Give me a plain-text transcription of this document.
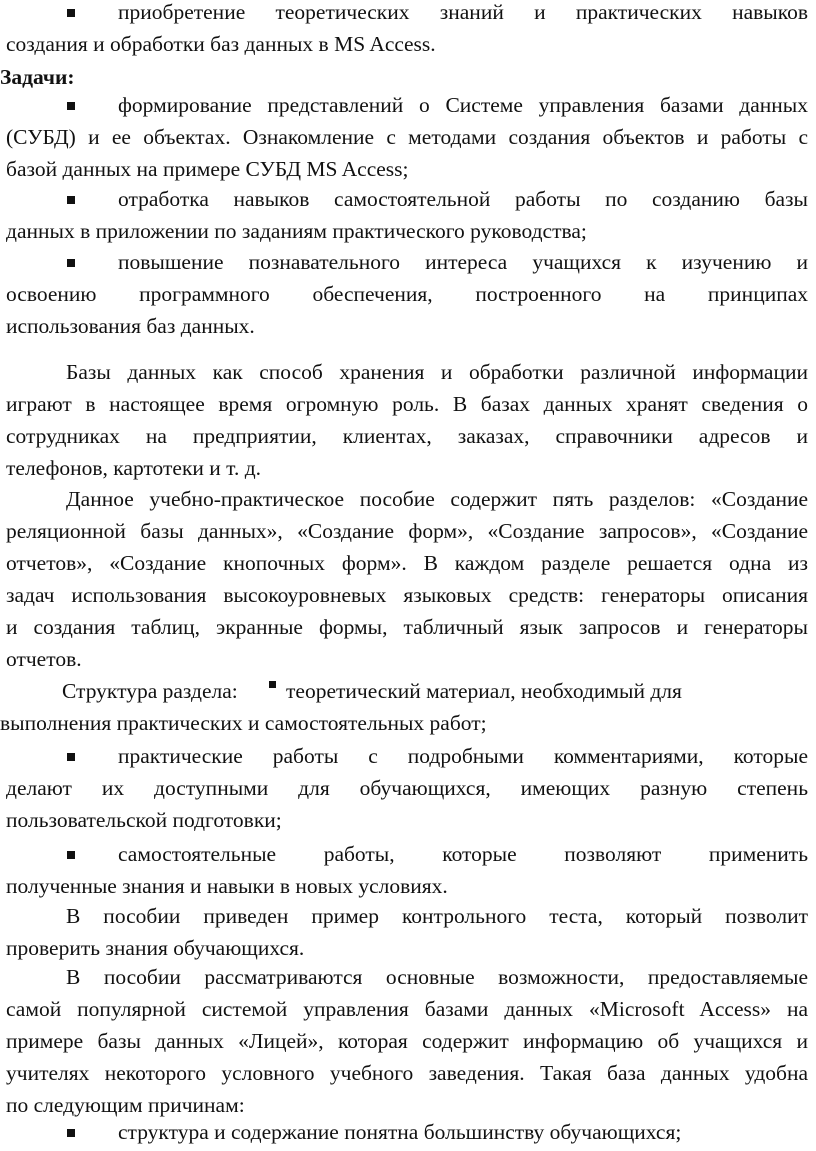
приобретение теоретических знаний и практических навыков
создания и обработки баз данных в MS Access.
Задачи:
формирование представлений о Системе управления базами данных
(СУБД) и ее объектах. Ознакомление с методами создания объектов и работы с
базой данных на примере СУБД MS Access;
отработка навыков самостоятельной работы по созданию базы
данных в приложении по заданиям практического руководства;
повышение познавательного интереса учащихся к изучению и
освоению программного обеспечения, построенного на принципах
использования баз данных.
Базы данных как способ хранения и обработки различной информации
играют в настоящее время огромную роль. В базах данных хранят сведения о
сотрудниках на предприятии, клиентах, заказах, справочники адресов и
телефонов, картотеки и т. д.
Данное учебно-практическое пособие содержит пять разделов: «Создание
реляционной базы данных», «Создание форм», «Создание запросов», «Создание
отчетов», «Создание кнопочных форм». В каждом разделе решается одна из
задач использования высокоуровневых языковых средств: генераторы описания
и создания таблиц, экранные формы, табличный язык запросов и генераторы
отчетов.
Структура раздела: теоретический материал, необходимый для
выполнения практических и самостоятельных работ;
практические работы с подробными комментариями, которые
делают их доступными для обучающихся, имеющих разную степень
пользовательской подготовки;
самостоятельные работы, которые позволяют применить
полученные знания и навыки в новых условиях.
В пособии приведен пример контрольного теста, который позволит
проверить знания обучающихся.
В пособии рассматриваются основные возможности, предоставляемые
самой популярной системой управления базами данных «Microsoft Access» на
примере базы данных «Лицей», которая содержит информацию об учащихся и
учителях некоторого условного учебного заведения. Такая база данных удобна
по следующим причинам:
структура и содержание понятна большинству обучающихся;
